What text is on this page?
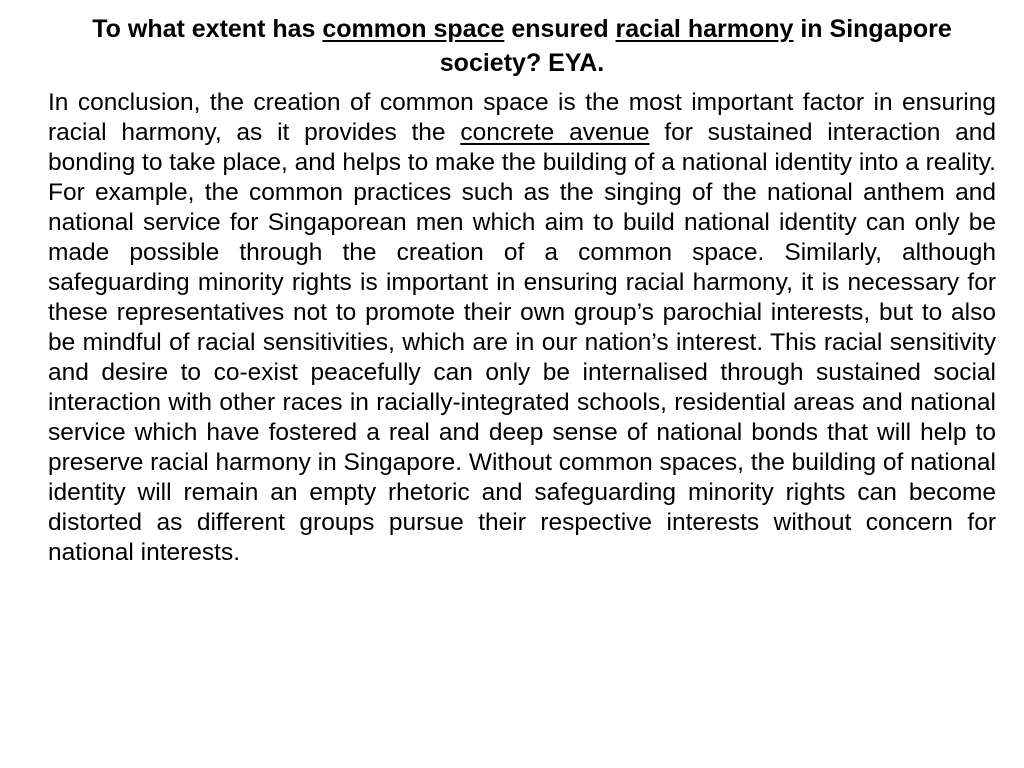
To what extent has common space ensured racial harmony in Singapore society? EYA.

In conclusion, the creation of common space is the most important factor in ensuring racial harmony, as it provides the concrete avenue for sustained interaction and bonding to take place, and helps to make the building of a national identity into a reality. For example, the common practices such as the singing of the national anthem and national service for Singaporean men which aim to build national identity can only be made possible through the creation of a common space. Similarly, although safeguarding minority rights is important in ensuring racial harmony, it is necessary for these representatives not to promote their own group’s parochial interests, but to also be mindful of racial sensitivities, which are in our nation’s interest. This racial sensitivity and desire to co-exist peacefully can only be internalised through sustained social interaction with other races in racially-integrated schools, residential areas and national service which have fostered a real and deep sense of national bonds that will help to preserve racial harmony in Singapore. Without common spaces, the building of national identity will remain an empty rhetoric and safeguarding minority rights can become distorted as different groups pursue their respective interests without concern for national interests.
